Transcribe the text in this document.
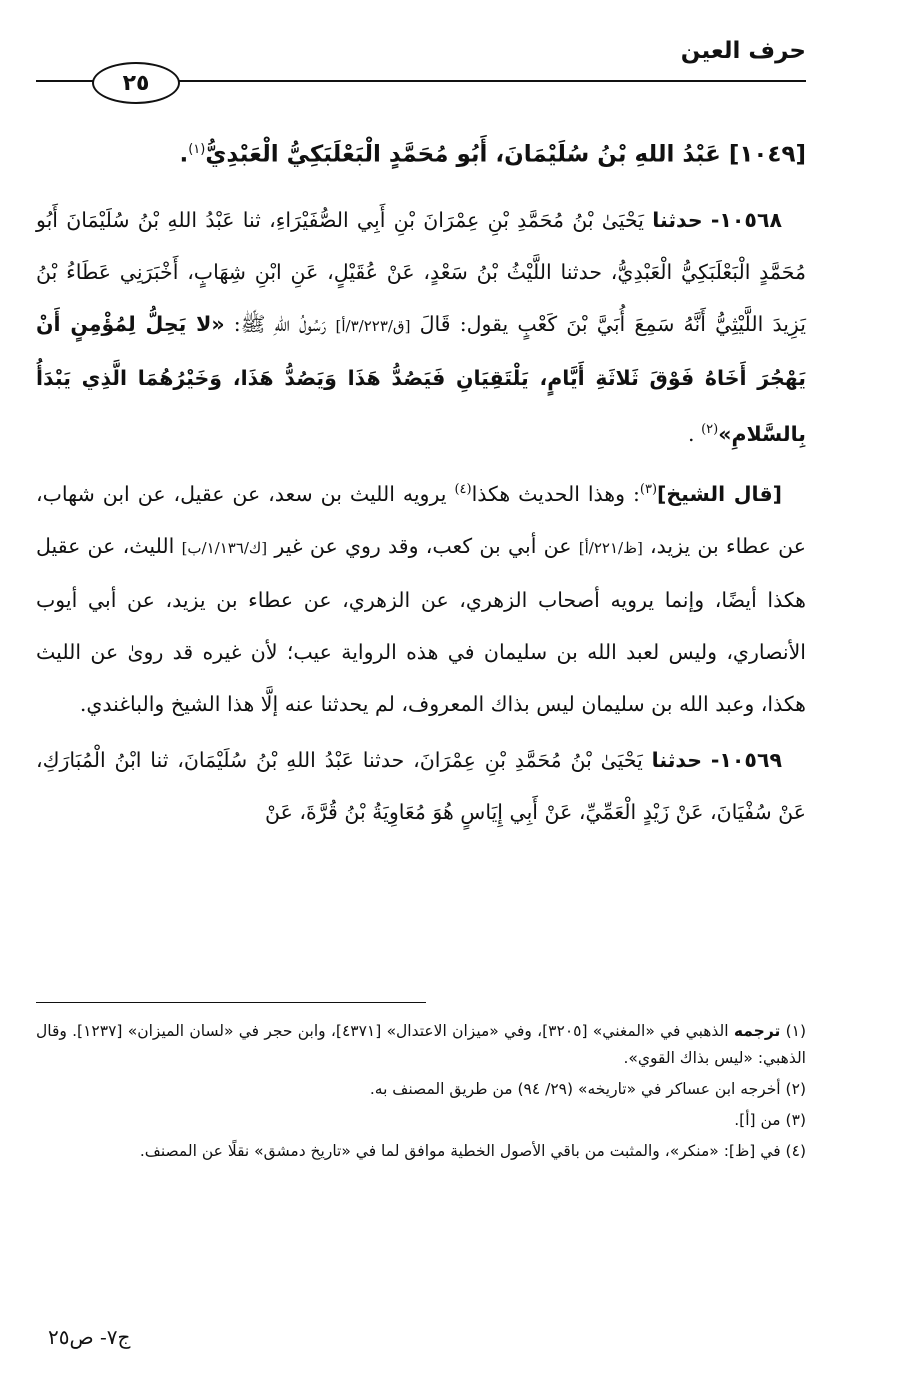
حرف العين
٢٥
[١٠٤٩] عَبْدُ اللهِ بْنُ سُلَيْمَانَ، أَبُو مُحَمَّدٍ الْبَعْلَبَكِيُّ الْعَبْدِيُّ$^{(١)}$.

١٠٥٦٨- حدثنا يَحْيَىٰ بْنُ مُحَمَّدِ بْنِ عِمْرَانَ بْنِ أَبِي الصُّفَيْرَاءِ، ثنا عَبْدُ اللهِ بْنُ سُلَيْمَانَ أَبُو مُحَمَّدٍ الْبَعْلَبَكِيُّ الْعَبْدِيُّ، حدثنا اللَّيْثُ بْنُ سَعْدٍ، عَنْ عُقَيْلٍ، عَنِ ابْنِ شِهَابٍ، أَخْبَرَنِي عَطَاءُ بْنُ يَزِيدَ اللَّيْثِيُّ أَنَّهُ سَمِعَ أُبَيَّ بْنَ كَعْبٍ يقول: قَالَ [ق/٣/٢٢٣/أ] رَسُولُ اللهِ ﷺ: «لا يَحِلُّ لِمُؤْمِنٍ أَنْ يَهْجُرَ أَخَاهُ فَوْقَ ثَلاثَةِ أَيَّامٍ، يَلْتَقِيَانِ فَيَصُدُّ هَذَا وَيَصُدُّ هَذَا، وَخَيْرُهُمَا الَّذِي يَبْدَأُ بِالسَّلامِ»$^{(٢)}$ .

[قال الشيخ]$^{(٣)}$: وهذا الحديث هكذا$^{(٤)}$ يرويه الليث بن سعد، عن عقيل، عن ابن شهاب، عن عطاء بن يزيد، [ظ/٢٢١/أ] عن أبي بن كعب، وقد روي عن غير [ك/١/١٣٦/ب] الليث، عن عقيل هكذا أيضًا، وإنما يرويه أصحاب الزهري، عن الزهري، عن عطاء بن يزيد، عن أبي أيوب الأنصاري، وليس لعبد الله بن سليمان في هذه الرواية عيب؛ لأن غيره قد روىٰ عن الليث هكذا، وعبد الله بن سليمان ليس بذاك المعروف، لم يحدثنا عنه إلَّا هذا الشيخ والباغندي.

١٠٥٦٩- حدثنا يَحْيَىٰ بْنُ مُحَمَّدِ بْنِ عِمْرَانَ، حدثنا عَبْدُ اللهِ بْنُ سُلَيْمَانَ، ثنا ابْنُ الْمُبَارَكِ، عَنْ سُفْيَانَ، عَنْ زَيْدٍ الْعَمِّيِّ، عَنْ أَبِي إِيَاسٍ هُوَ مُعَاوِيَةُ بْنُ قُرَّةَ، عَنْ

(١) ترجمه الذهبي في «المغني» [٣٢٠٥]، وفي «ميزان الاعتدال» [٤٣٧١]، وابن حجر في «لسان الميزان» [١٢٣٧]. وقال الذهبي: «ليس بذاك القوي».

(٢) أخرجه ابن عساكر في «تاريخه» (٢٩/ ٩٤) من طريق المصنف به.

(٣) من [أ].

(٤) في [ظ]: «منكر»، والمثبت من باقي الأصول الخطية موافق لما في «تاريخ دمشق» نقلًا عن المصنف.

ج٧- ص٢٥
